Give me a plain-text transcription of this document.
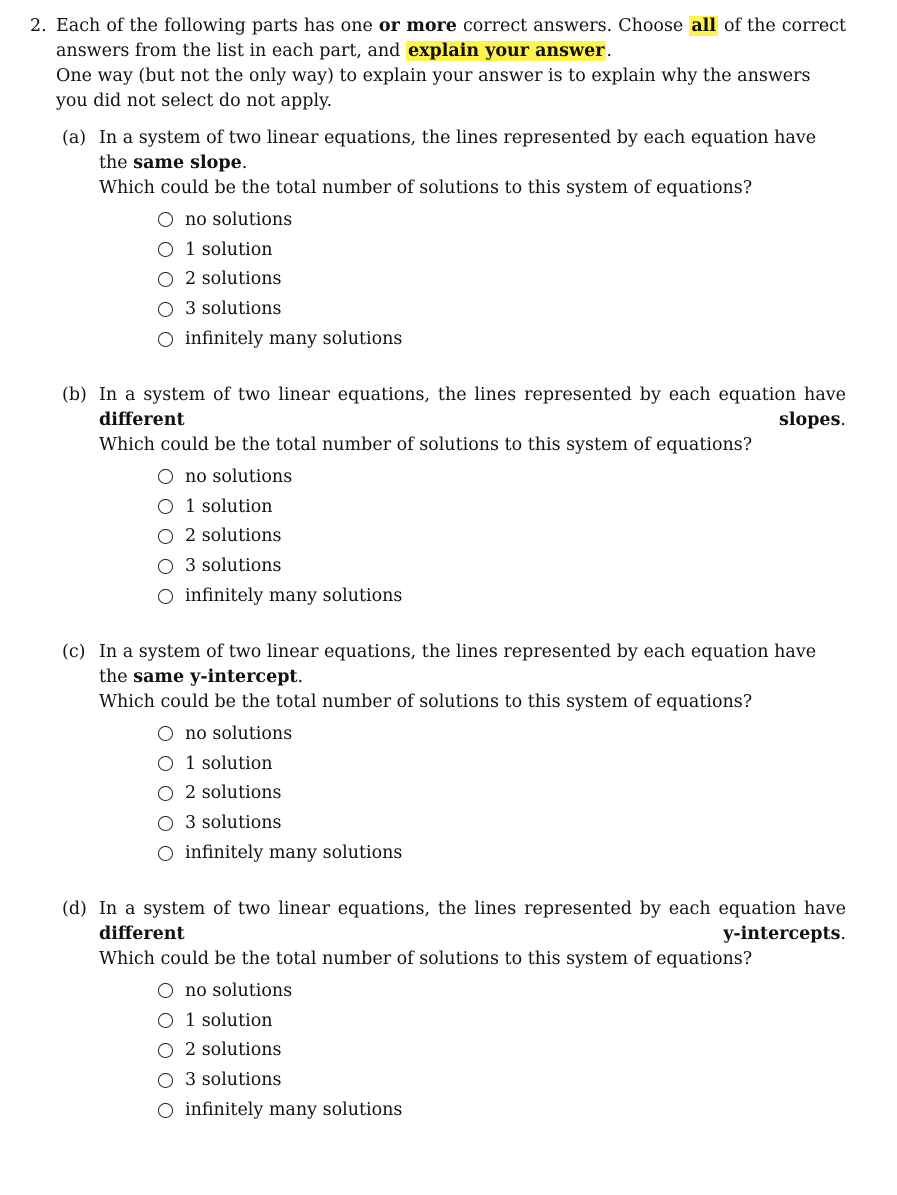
2. Each of the following parts has one or more correct answers. Choose all of the correct

answers from the list in each part, and explain your answer .

One way (but not the only way) to explain your answer is to explain why the answers you did not select do not apply.

(a) In a system of two linear equations, the lines represented by each equation have the same slope.

Which could be the total number of solutions to this system of equations?

no solutions
1 solution
2 solutions
3 solutions
infinitely many solutions
(b) In a system of two linear equations, the lines represented by each equation have different slopes.

Which could be the total number of solutions to this system of equations?

no solutions
1 solution
2 solutions
3 solutions
infinitely many solutions
(c) In a system of two linear equations, the lines represented by each equation have the same y-intercept.

Which could be the total number of solutions to this system of equations?

no solutions
1 solution
2 solutions
3 solutions
infinitely many solutions
(d) In a system of two linear equations, the lines represented by each equation have different y-intercepts.

Which could be the total number of solutions to this system of equations?

no solutions
1 solution
2 solutions
3 solutions
infinitely many solutions
